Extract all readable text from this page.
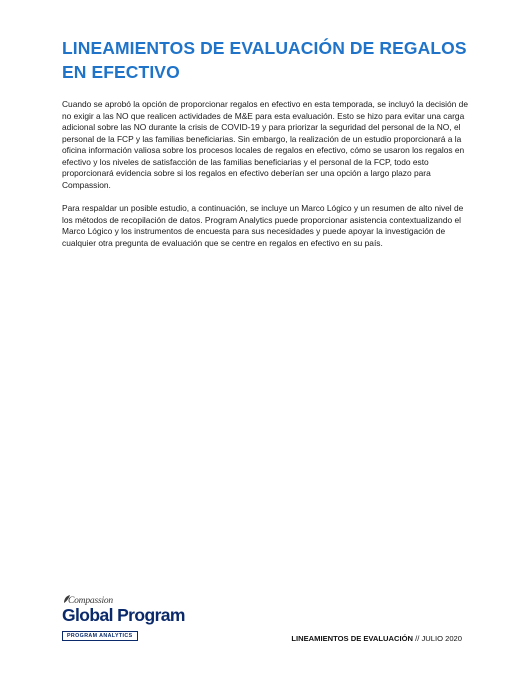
LINEAMIENTOS DE EVALUACIÓN DE REGALOS EN EFECTIVO

Cuando se aprobó la opción de proporcionar regalos en efectivo en esta temporada, se incluyó la decisión de no exigir a las NO que realicen actividades de M&E para esta evaluación. Esto se hizo para evitar una carga adicional sobre las NO durante la crisis de COVID-19 y para priorizar la seguridad del personal de la NO, el personal de la FCP y las familias beneficiarias. Sin embargo, la realización de un estudio proporcionará a la oficina información valiosa sobre los procesos locales de regalos en efectivo, cómo se usaron los regalos en efectivo y los niveles de satisfacción de las familias beneficiarias y el personal de la FCP, todo esto proporcionará evidencia sobre si los regalos en efectivo deberían ser una opción a largo plazo para Compassion.

Para respaldar un posible estudio, a continuación, se incluye un Marco Lógico y un resumen de alto nivel de los métodos de recopilación de datos. Program Analytics puede proporcionar asistencia contextualizando el Marco Lógico y los instrumentos de encuesta para sus necesidades y puede apoyar la investigación de cualquier otra pregunta de evaluación que se centre en regalos en efectivo en su país.

Compassion
Global Program
PROGRAM ANALYTICS	LINEAMIENTOS DE EVALUACIÓN // JULIO 2020
